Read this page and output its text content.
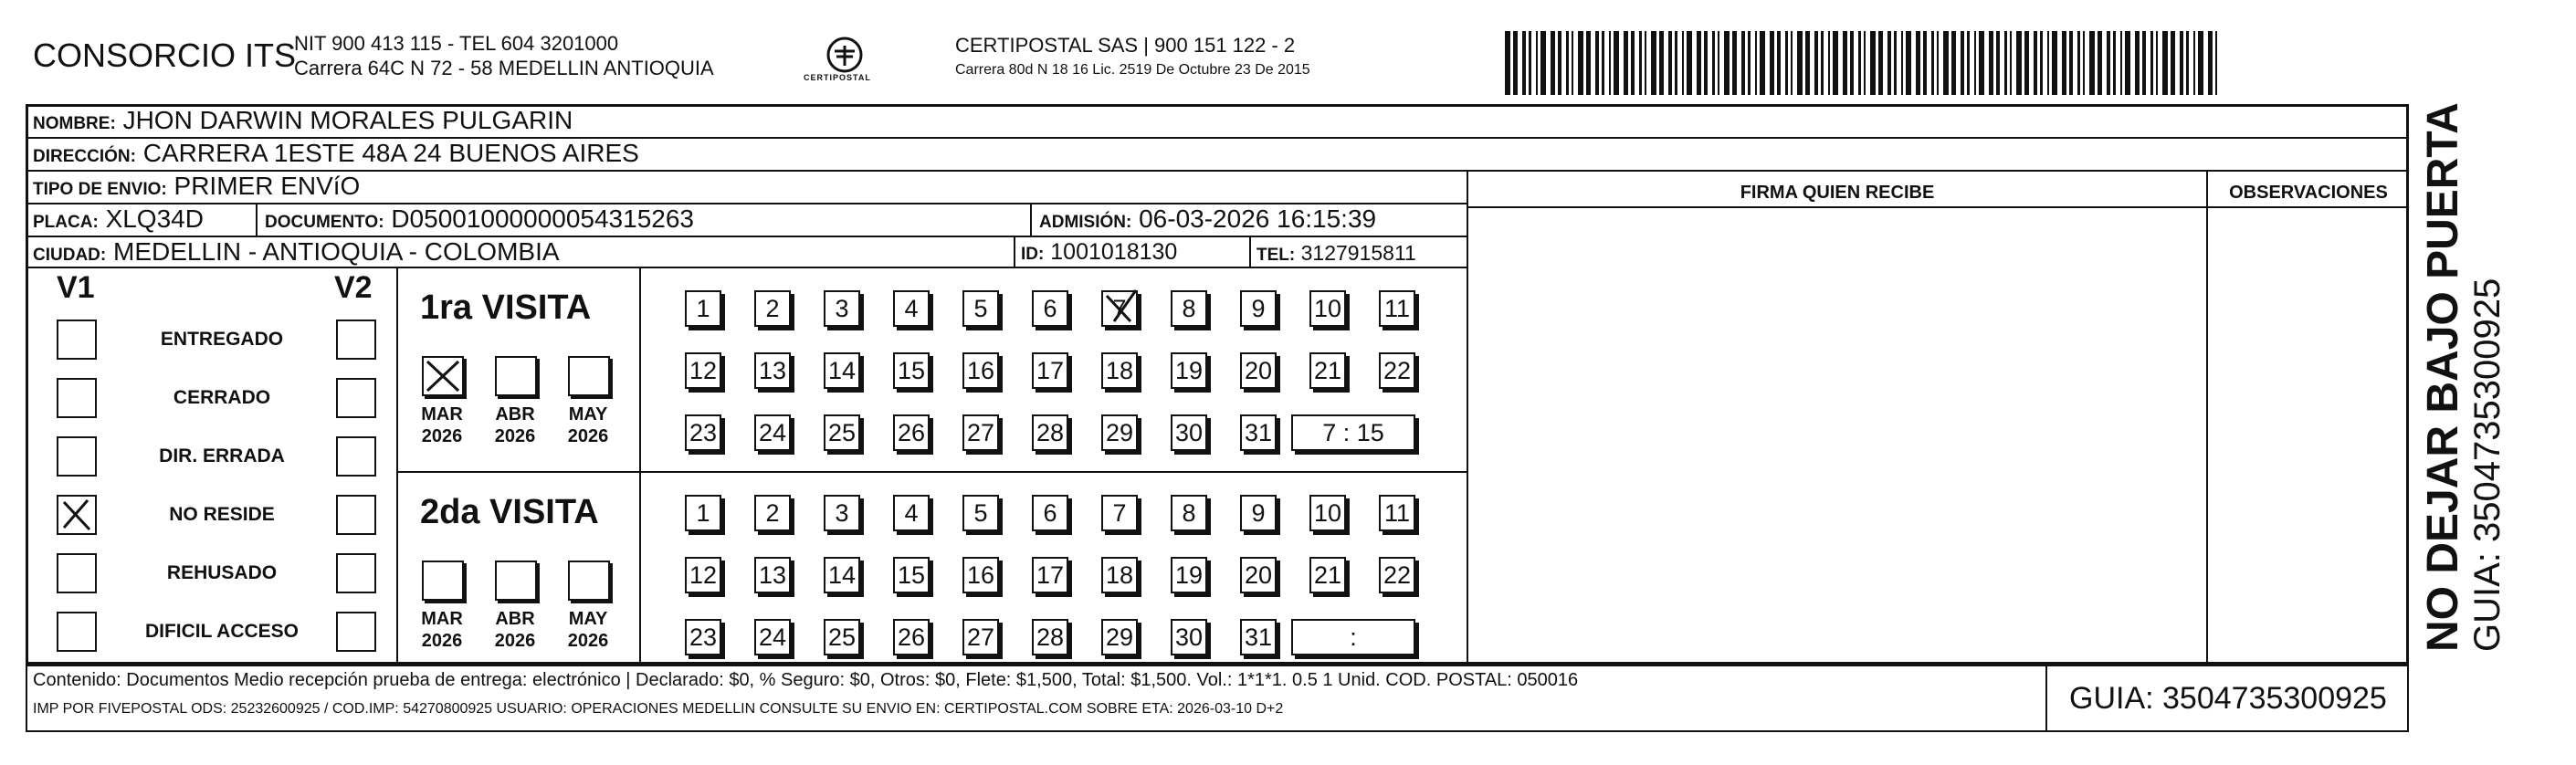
CONSORCIO ITS
NIT 900 413 115 - TEL 604 3201000
Carrera 64C N 72 - 58 MEDELLIN ANTIOQUIA	CERTIPOSTAL
CERTIPOSTAL SAS | 900 151 122 - 2
Carrera 80d N 18 16 Lic. 2519 De Octubre 23 De 2015
NOMBRE: JHON DARWIN MORALES PULGARIN
DIRECCIÓN: CARRERA 1ESTE 48A 24 BUENOS AIRES
TIPO DE ENVIO: PRIMER ENVíO
PLACA: XLQ34D	DOCUMENTO: D05001000000054315263	ADMISIÓN: 06-03-2026 16:15:39
CIUDAD: MEDELLIN - ANTIOQUIA - COLOMBIA	ID: 1001018130	TEL: 3127915811
FIRMA QUIEN RECIBE	OBSERVACIONES
V1	V2
ENTREGADO
CERRADO
DIR. ERRADA
NO RESIDE
REHUSADO
DIFICIL ACCESO
1ra VISITA
MAR
2026
ABR
2026
MAY
2026
1	2	3	4	5	6	7	8	9	10 11
12 13 14 15 16 17 18 19 20 21 22
23 24 25 26 27 28 29 30 31	7 : 15
2da VISITA
MAR
2026
ABR
2026
MAY
2026
1	2	3	4	5	6	7	8	9	10 11
12 13 14 15 16 17 18 19 20 21 22
23 24 25 26 27 28 29 30 31	:
Contenido: Documentos Medio recepción prueba de entrega: electrónico | Declarado: $0, % Seguro: $0, Otros: $0, Flete: $1,500, Total: $1,500. Vol.: 1*1*1. 0.5 1 Unid. COD. POSTAL: 050016
IMP POR FIVEPOSTAL ODS: 25232600925 / COD.IMP: 54270800925 USUARIO: OPERACIONES MEDELLIN CONSULTE SU ENVIO EN: CERTIPOSTAL.COM SOBRE ETA: 2026-03-10 D+2	GUIA: 3504735300925
NO DEJAR BAJO PUERTA GUIA: 3504735300925
